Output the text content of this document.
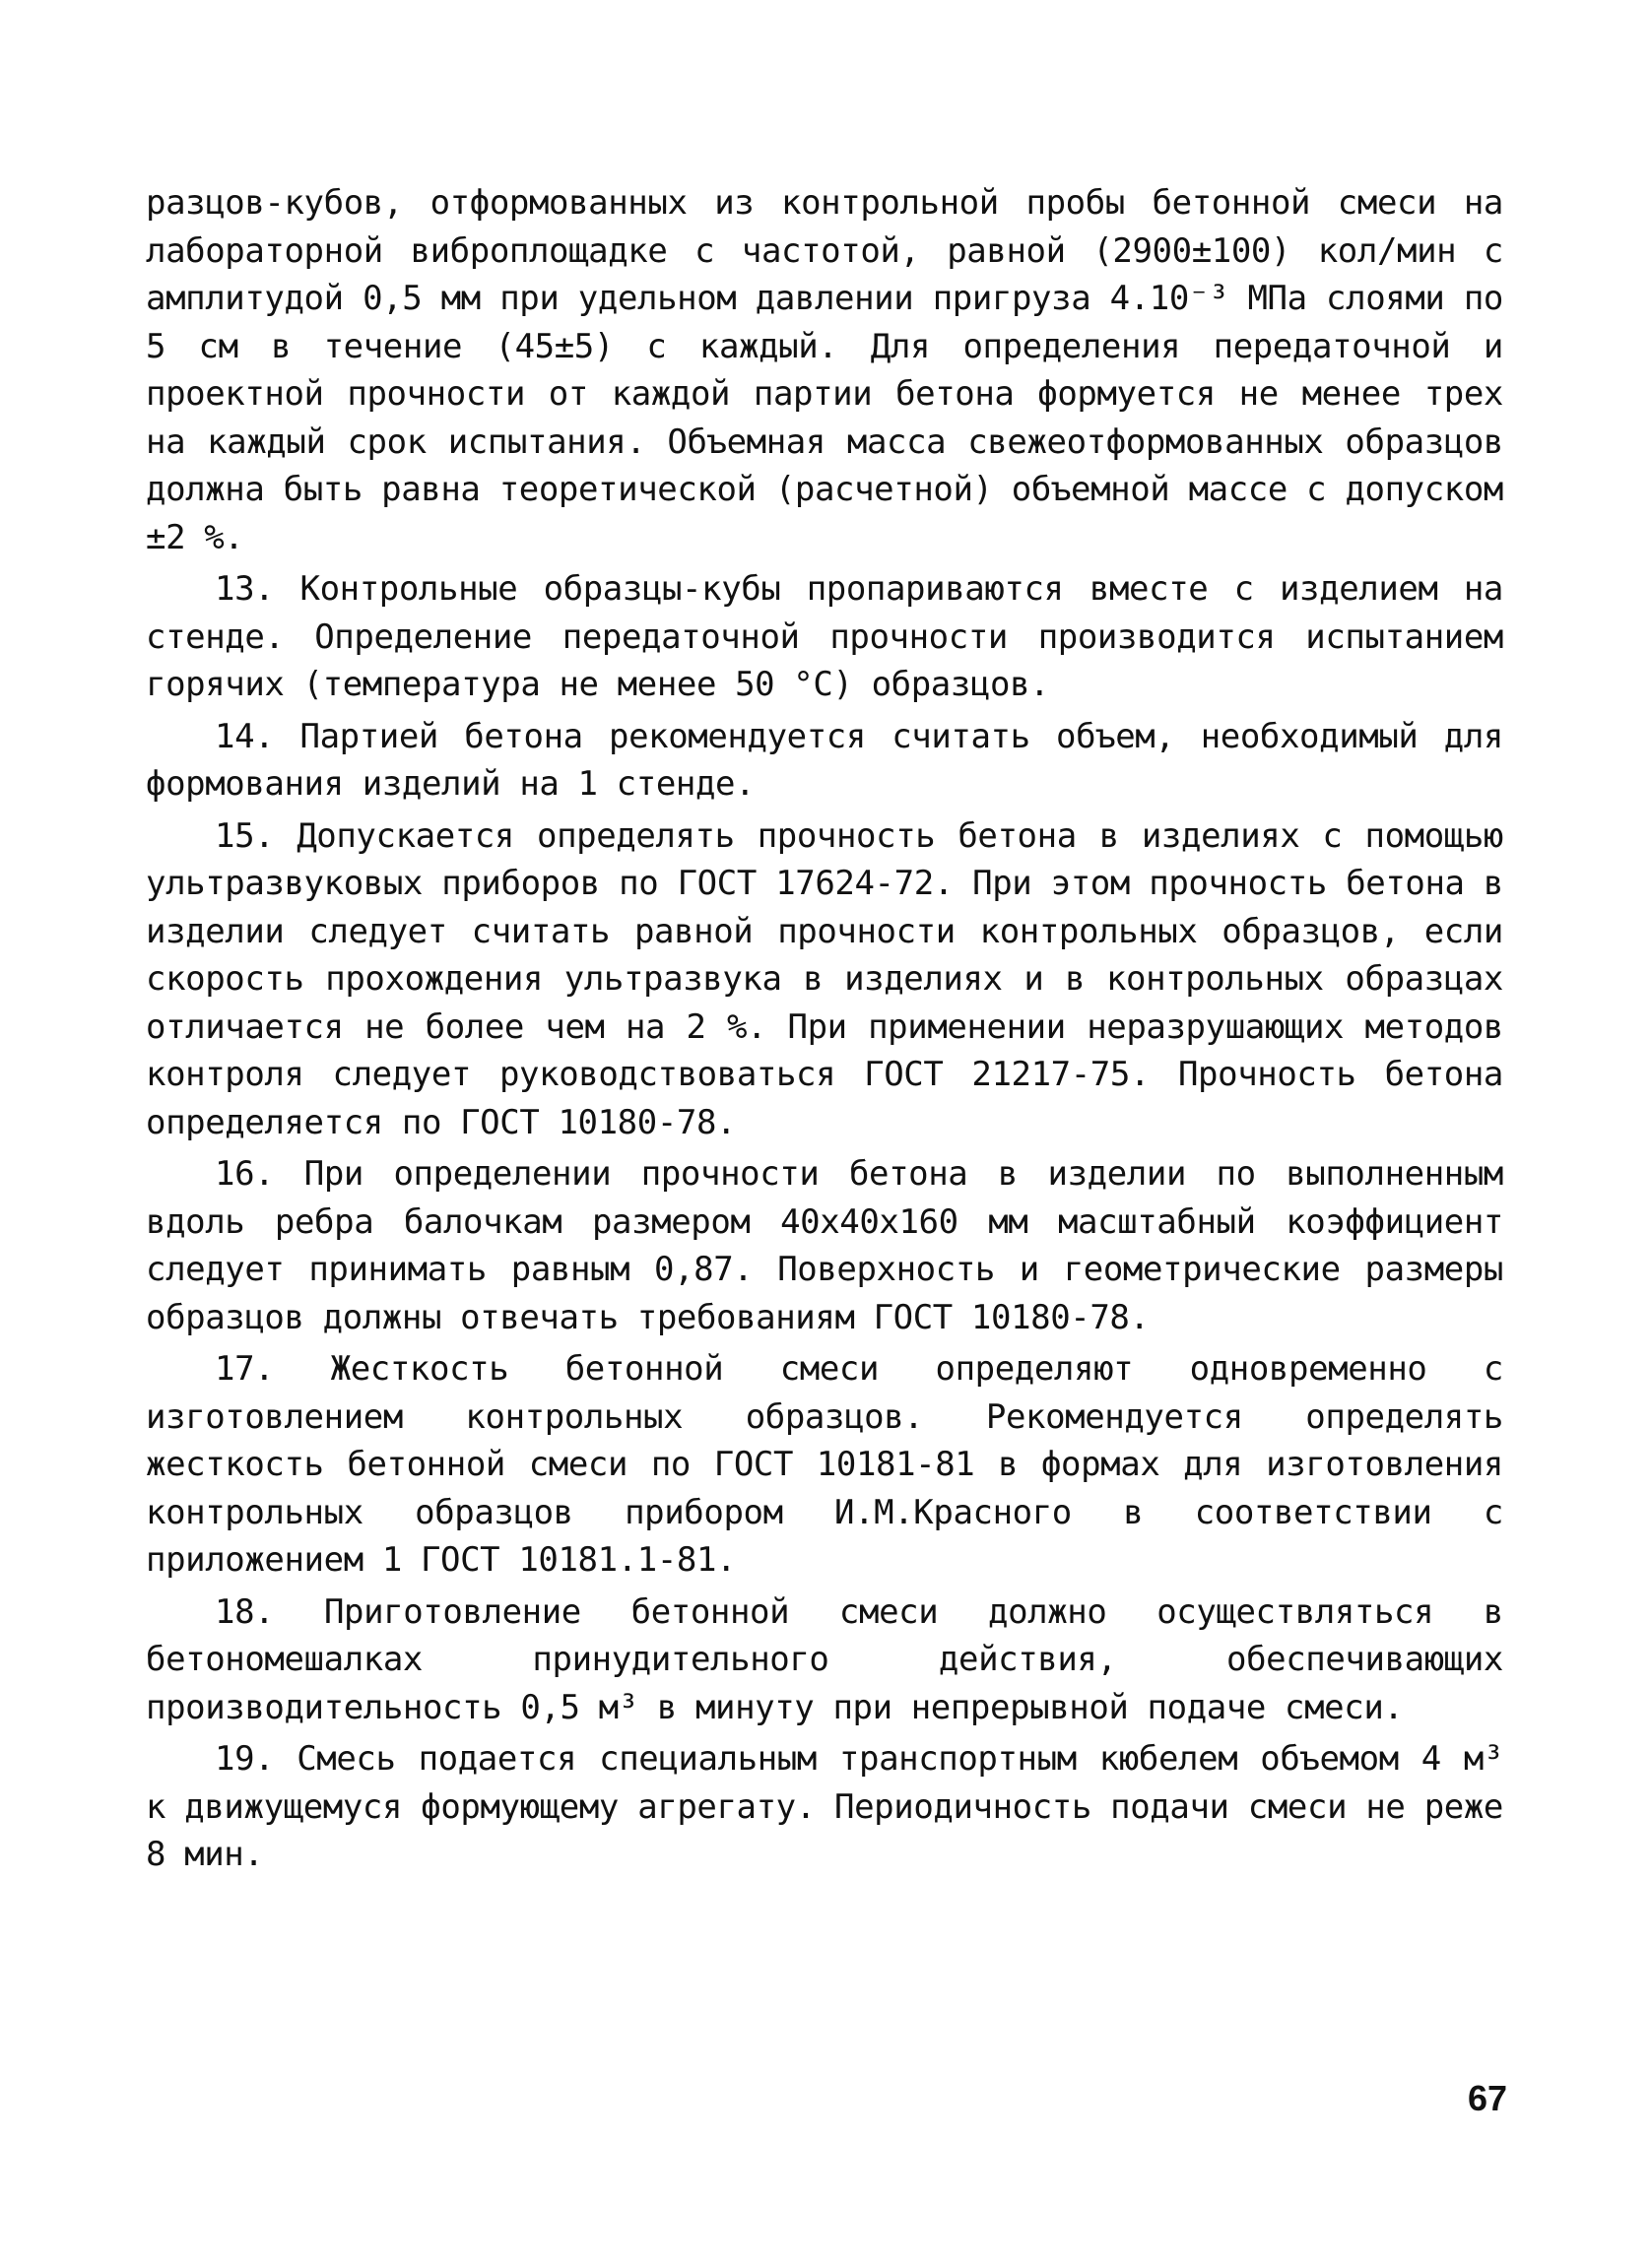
разцов-кубов, отформованных из контрольной пробы бетонной смеси на лабораторной виброплощадке с частотой, равной (2900±100) кол/мин с амплитудой 0,5 мм при удельном давлении пригруза 4.10⁻³ МПа слоями по 5 см в течение (45±5) с каждый. Для определения передаточной и проектной прочности от каждой партии бетона формуется не менее трех на каждый срок испытания. Объемная масса свежеотформованных образцов должна быть равна теоретической (расчетной) объемной массе с допуском ±2 %.

13. Контрольные образцы-кубы пропариваются вместе с изделием на стенде. Определение передаточной прочности производится испытанием горячих (температура не менее 50 °С) образцов.

14. Партией бетона рекомендуется считать объем, необходимый для формования изделий на 1 стенде.

15. Допускается определять прочность бетона в изделиях с помощью ультразвуковых приборов по ГОСТ 17624-72. При этом прочность бетона в изделии следует считать равной прочности контрольных образцов, если скорость прохождения ультразвука в изделиях и в контрольных образцах отличается не более чем на 2 %. При применении неразрушающих методов контроля следует руководствоваться ГОСТ 21217-75. Прочность бетона определяется по ГОСТ 10180-78.

16. При определении прочности бетона в изделии по выполненным вдоль ребра балочкам размером 40х40х160 мм масштабный коэффициент следует принимать равным 0,87. Поверхность и геометрические размеры образцов должны отвечать требованиям ГОСТ 10180-78.

17. Жесткость бетонной смеси определяют одновременно с изготовлением контрольных образцов. Рекомендуется определять жесткость бетонной смеси по ГОСТ 10181-81 в формах для изготовления контрольных образцов прибором И.М.Красного в соответствии с приложением 1 ГОСТ 10181.1-81.

18. Приготовление бетонной смеси должно осуществляться в бетономешалках принудительного действия, обеспечивающих производительность 0,5 м³ в минуту при непрерывной подаче смеси.

19. Смесь подается специальным транспортным кюбелем объемом 4 м³ к движущемуся формующему агрегату. Периодичность подачи смеси не реже 8 мин.

67
